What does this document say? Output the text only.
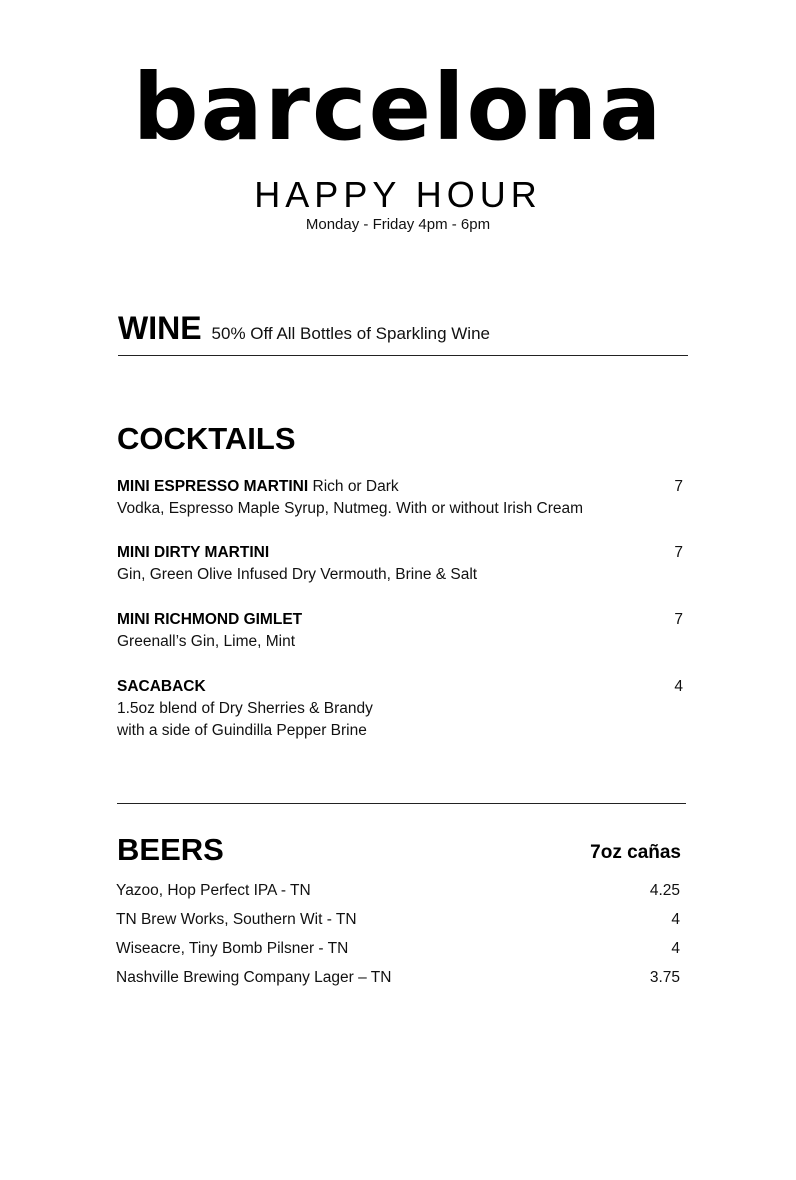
barcelona
HAPPY HOUR
Monday - Friday 4pm - 6pm
WINE 50% Off All Bottles of Sparkling Wine
COCKTAILS
MINI ESPRESSO MARTINI Rich or Dark	7
Vodka, Espresso Maple Syrup, Nutmeg. With or without Irish Cream
MINI DIRTY MARTINI	7
Gin, Green Olive Infused Dry Vermouth, Brine & Salt
MINI RICHMOND GIMLET	7
Greenall’s Gin, Lime, Mint
SACABACK	4
1.5oz blend of Dry Sherries & Brandy
with a side of Guindilla Pepper Brine
BEERS	7oz cañas
Yazoo, Hop Perfect IPA - TN	4.25
TN Brew Works, Southern Wit - TN	4
Wiseacre, Tiny Bomb Pilsner - TN	4
Nashville Brewing Company Lager – TN	3.75
